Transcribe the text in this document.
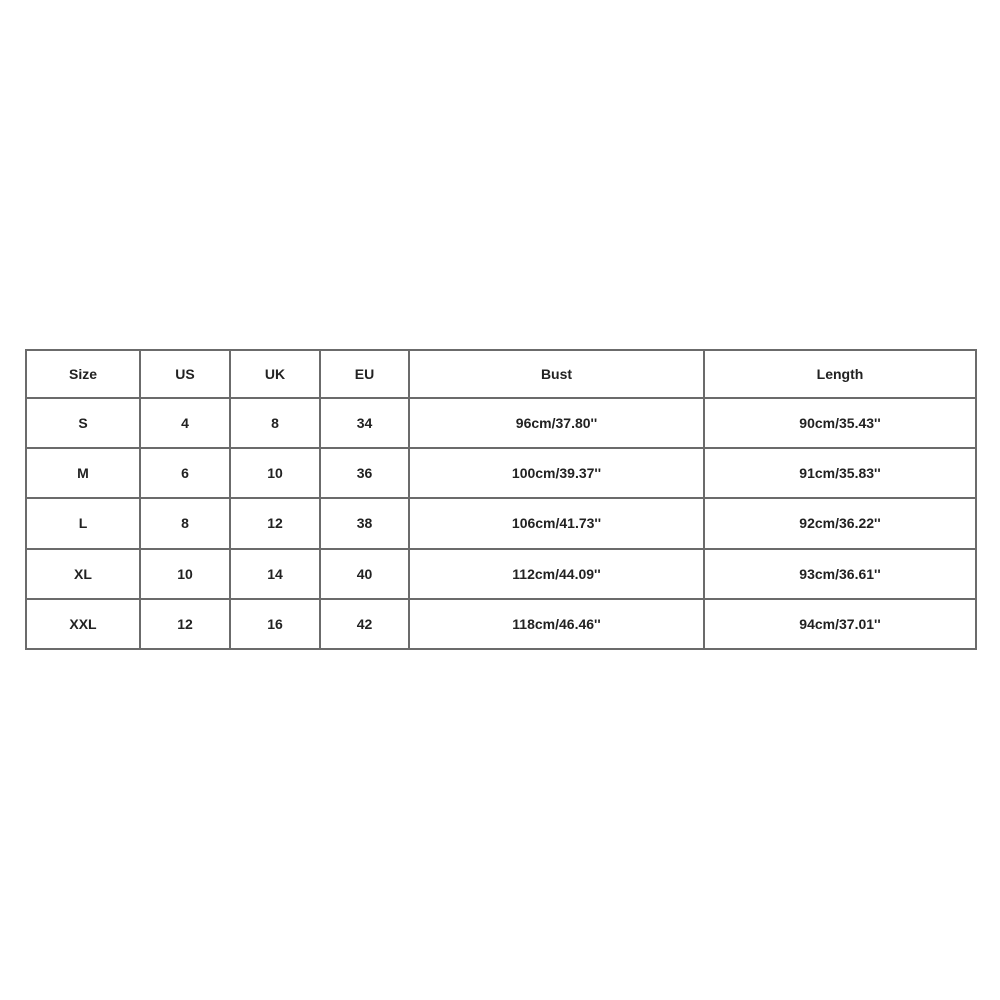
Size	US	UK	EU	Bust	Length
S	4	8	34	96cm/37.80''	90cm/35.43''
M	6	10	36	100cm/39.37''	91cm/35.83''
L	8	12	38	106cm/41.73''	92cm/36.22''
XL	10	14	40	112cm/44.09''	93cm/36.61''
XXL	12	16	42	118cm/46.46''	94cm/37.01''
